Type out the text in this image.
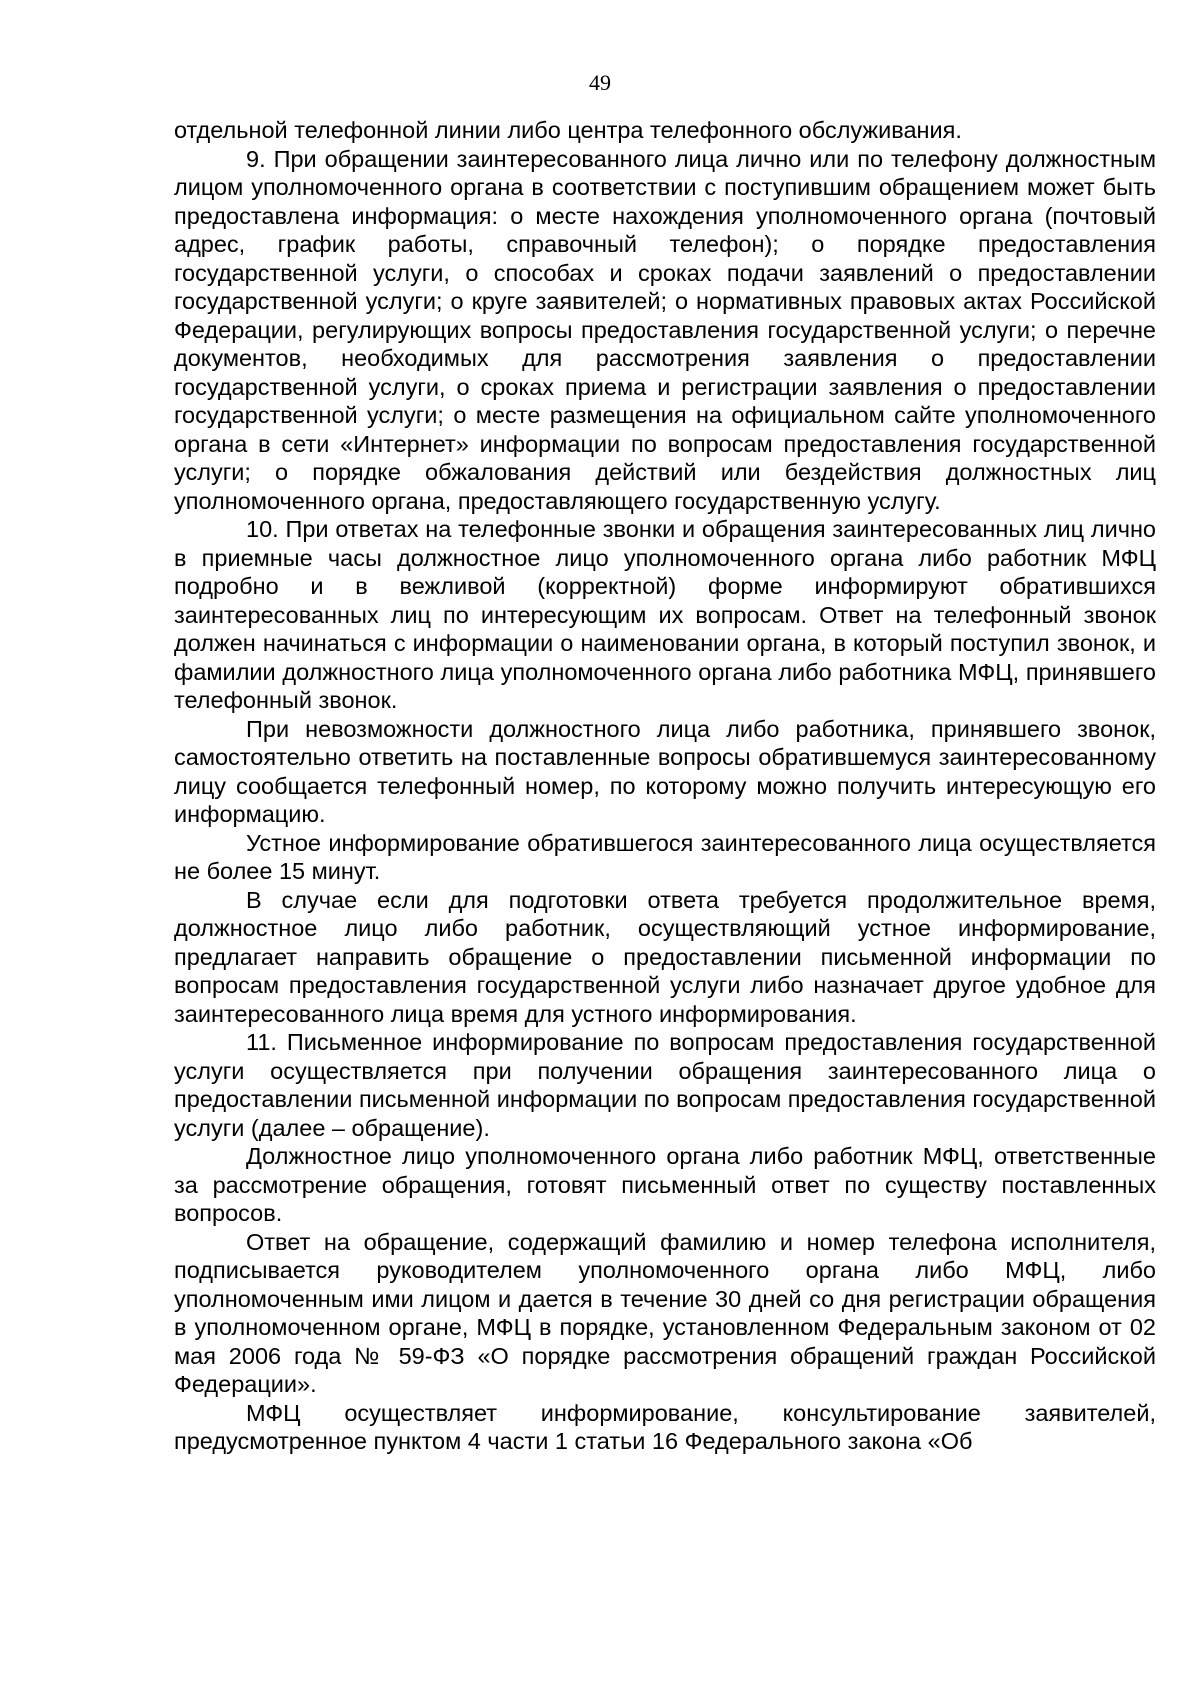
49

отдельной телефонной линии либо центра телефонного обслуживания.

9. При обращении заинтересованного лица лично или по телефону должностным лицом уполномоченного органа в соответствии с поступившим обращением может быть предоставлена информация: о месте нахождения уполномоченного органа (почтовый адрес, график работы, справочный телефон); о порядке предоставления государственной услуги, о способах и сроках подачи заявлений о предоставлении государственной услуги; о круге заявителей; о нормативных правовых актах Российской Федерации, регулирующих вопросы предоставления государственной услуги; о перечне документов, необходимых для рассмотрения заявления о предоставлении государственной услуги, о сроках приема и регистрации заявления о предоставлении государственной услуги; о месте размещения на официальном сайте уполномоченного органа в сети «Интернет» информации по вопросам предоставления государственной услуги; о порядке обжалования действий или бездействия должностных лиц уполномоченного органа, предоставляющего государственную услугу.

10. При ответах на телефонные звонки и обращения заинтересованных лиц лично в приемные часы должностное лицо уполномоченного органа либо работник МФЦ подробно и в вежливой (корректной) форме информируют обратившихся заинтересованных лиц по интересующим их вопросам. Ответ на телефонный звонок должен начинаться с информации о наименовании органа, в который поступил звонок, и фамилии должностного лица уполномоченного органа либо работника МФЦ, принявшего телефонный звонок.

При невозможности должностного лица либо работника, принявшего звонок, самостоятельно ответить на поставленные вопросы обратившемуся заинтересованному лицу сообщается телефонный номер, по которому можно получить интересующую его информацию.

Устное информирование обратившегося заинтересованного лица осуществляется не более 15 минут.

В случае если для подготовки ответа требуется продолжительное время, должностное лицо либо работник, осуществляющий устное информирование, предлагает направить обращение о предоставлении письменной информации по вопросам предоставления государственной услуги либо назначает другое удобное для заинтересованного лица время для устного информирования.

11. Письменное информирование по вопросам предоставления государственной услуги осуществляется при получении обращения заинтересованного лица о предоставлении письменной информации по вопросам предоставления государственной услуги (далее – обращение).

Должностное лицо уполномоченного органа либо работник МФЦ, ответственные за рассмотрение обращения, готовят письменный ответ по существу поставленных вопросов.

Ответ на обращение, содержащий фамилию и номер телефона исполнителя, подписывается руководителем уполномоченного органа либо МФЦ, либо уполномоченным ими лицом и дается в течение 30 дней со дня регистрации обращения в уполномоченном органе, МФЦ в порядке, установленном Федеральным законом от 02 мая 2006 года № 59-ФЗ «О порядке рассмотрения обращений граждан Российской Федерации».

МФЦ осуществляет информирование, консультирование заявителей, предусмотренное пунктом 4 части 1 статьи 16 Федерального закона «Об
